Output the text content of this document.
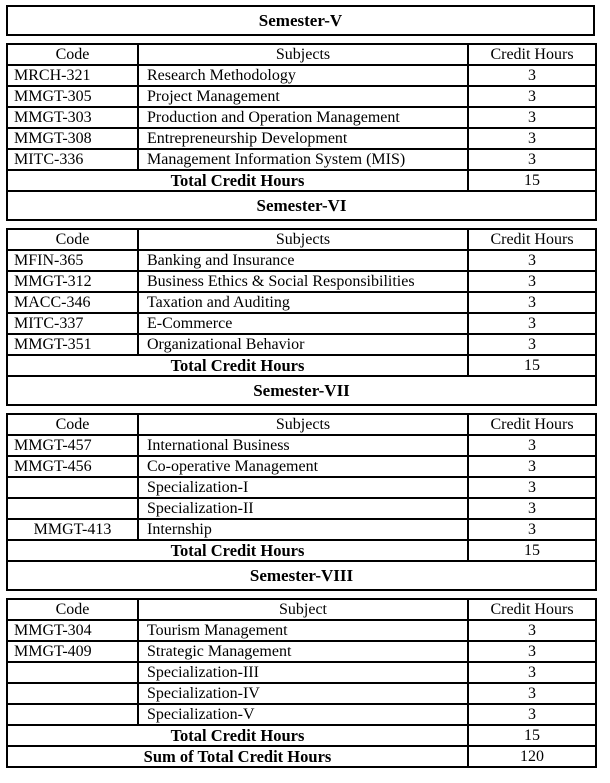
Semester-V
Code	Subjects	Credit Hours
MRCH-321	Research Methodology	3
MMGT-305	Project Management	3
MMGT-303	Production and Operation Management	3
MMGT-308	Entrepreneurship Development	3
MITC-336	Management Information System (MIS)	3
Total Credit Hours		15
Semester-VI		
Code	Subjects	Credit Hours
MFIN-365	Banking and Insurance	3
MMGT-312	Business Ethics & Social Responsibilities	3
MACC-346	Taxation and Auditing	3
MITC-337	E-Commerce	3
MMGT-351	Organizational Behavior	3
Total Credit Hours		15
Semester-VII		
Code	Subjects	Credit Hours
MMGT-457	International Business	3
MMGT-456	Co-operative Management	3
	Specialization-I	3
	Specialization-II	3
MMGT-413	Internship	3
Total Credit Hours		15
Semester-VIII		
Code	Subject	Credit Hours
MMGT-304	Tourism Management	3
MMGT-409	Strategic Management	3
	Specialization-III	3
	Specialization-IV	3
	Specialization-V	3
Total Credit Hours		15
Sum of Total Credit Hours		120
